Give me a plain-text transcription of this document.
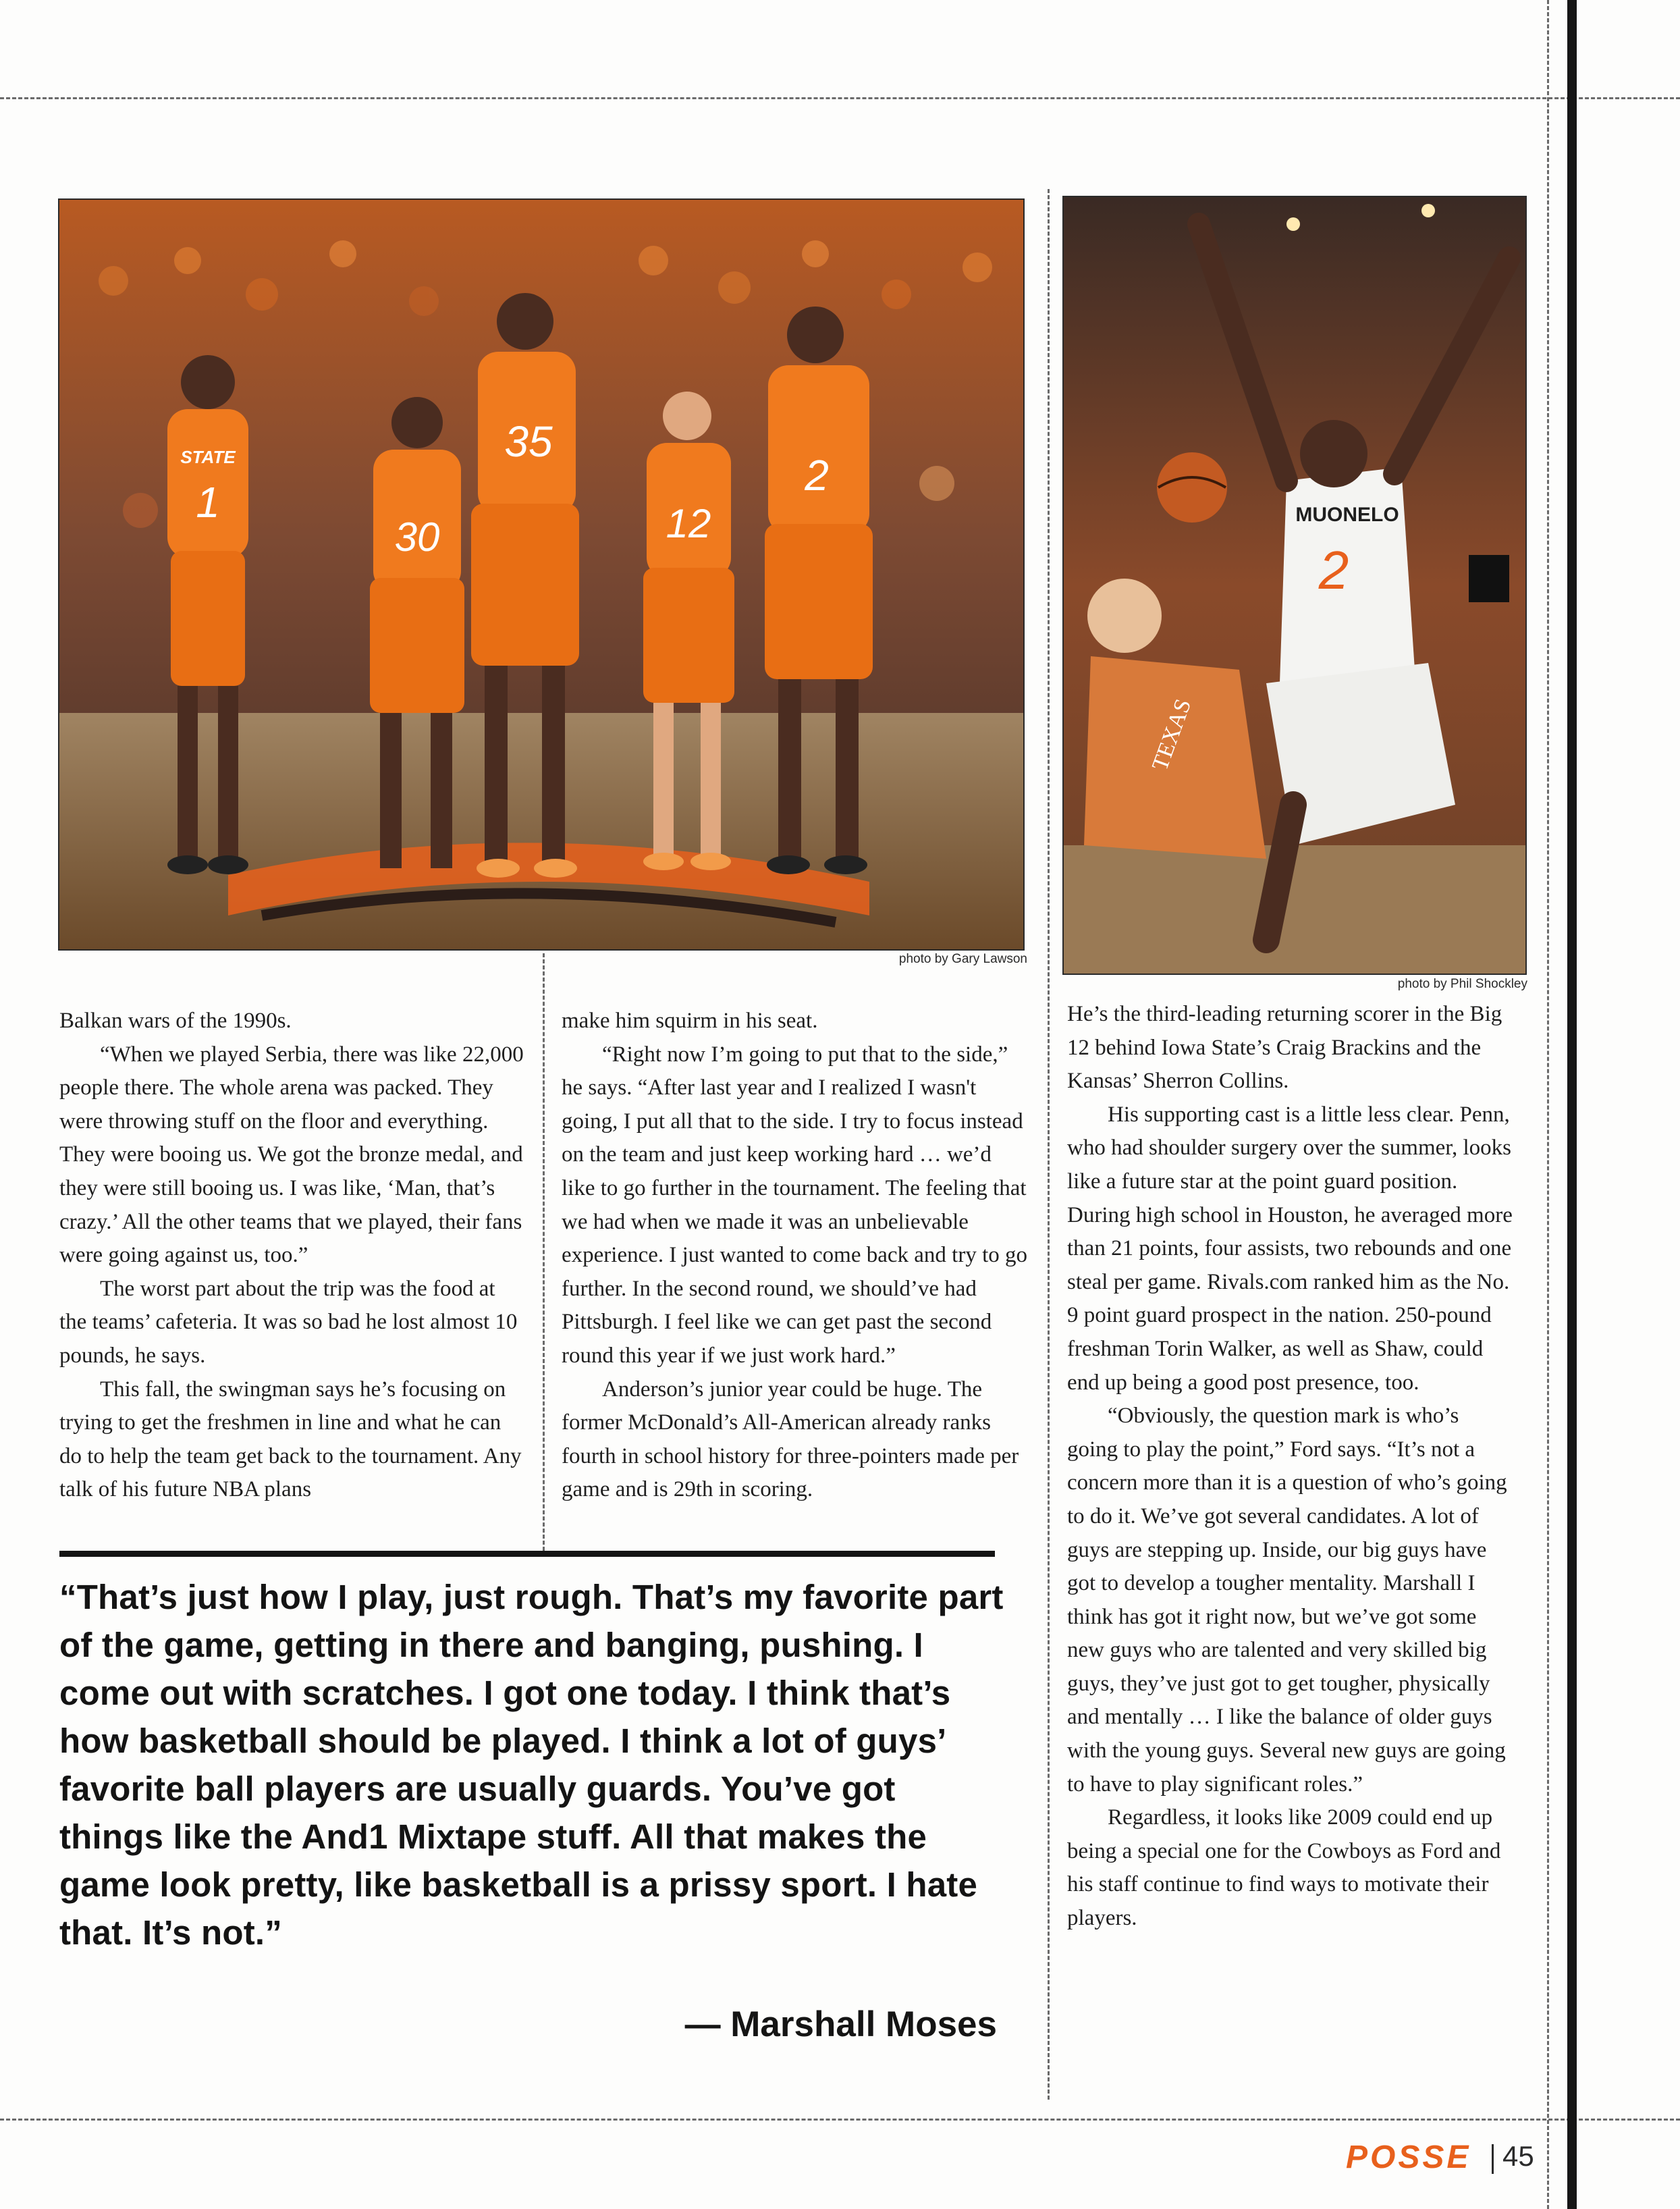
STATE
1
30
35
12
2
photo by Gary Lawson
MUONELO
2
TEXAS
photo by Phil Shockley

Balkan wars of the 1990s.

“When we played Serbia, there was like 22,000 people there. The whole arena was packed. They were throwing stuff on the floor and everything. They were booing us. We got the bronze medal, and they were still booing us. I was like, ‘Man, that’s crazy.’ All the other teams that we played, their fans were going against us, too.”

The worst part about the trip was the food at the teams’ cafeteria. It was so bad he lost almost 10 pounds, he says.

This fall, the swingman says he’s focusing on trying to get the freshmen in line and what he can do to help the team get back to the tournament. Any talk of his future NBA plans

make him squirm in his seat.

“Right now I’m going to put that to the side,” he says. “After last year and I realized I wasn't going, I put all that to the side. I try to focus instead on the team and just keep working hard … we’d like to go further in the tournament. The feeling that we had when we made it was an unbelievable experience. I just wanted to come back and try to go further. In the second round, we should’ve had Pittsburgh. I feel like we can get past the second round this year if we just work hard.”

Anderson’s junior year could be huge. The former McDonald’s All-American already ranks fourth in school history for three-pointers made per game and is 29th in scoring.

He’s the third-leading returning scorer in the Big 12 behind Iowa State’s Craig Brackins and the Kansas’ Sherron Collins.

His supporting cast is a little less clear. Penn, who had shoulder surgery over the summer, looks like a future star at the point guard position. During high school in Houston, he averaged more than 21 points, four assists, two rebounds and one steal per game. Rivals.com ranked him as the No. 9 point guard prospect in the nation. 250-pound freshman Torin Walker, as well as Shaw, could end up being a good post presence, too.

“Obviously, the question mark is who’s going to play the point,” Ford says. “It’s not a concern more than it is a question of who’s going to do it. We’ve got several candidates. A lot of guys are stepping up. Inside, our big guys have got to develop a tougher mentality. Marshall I think has got it right now, but we’ve got some new guys who are talented and very skilled big guys, they’ve just got to get tougher, physically and mentally … I like the balance of older guys with the young guys. Several new guys are going to have to play significant roles.”

Regardless, it looks like 2009 could end up being a special one for the Cowboys as Ford and his staff continue to find ways to motivate their players.

“That’s just how I play, just rough. That’s my favorite part of the game, getting in there and banging, pushing. I come out with scratches. I got one today. I think that’s how basketball should be played. I think a lot of guys’ favorite ball players are usually guards. You’ve got things like the And1 Mixtape stuff. All that makes the game look pretty, like basketball is a prissy sport. I hate that. It’s not.”
— Marshall Moses
POSSE 45
